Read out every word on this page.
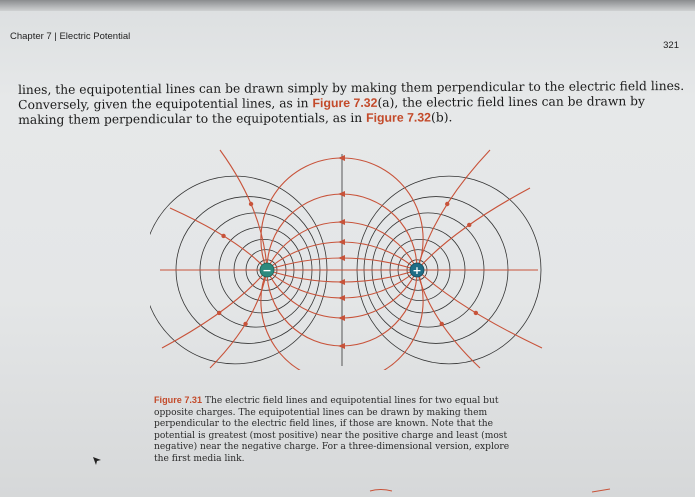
Chapter 7 | Electric Potential
321
lines, the equipotential lines can be drawn simply by making them perpendicular to the electric field lines. Conversely, given the equipotential lines, as in Figure 7.32(a), the electric field lines can be drawn by making them perpendicular to the equipotentials, as in Figure 7.32(b).
−	+
Figure 7.31 The electric field lines and equipotential lines for two equal but opposite charges. The equipotential lines can be drawn by making them perpendicular to the electric field lines, if those are known. Note that the potential is greatest (most positive) near the positive charge and least (most negative) near the negative charge. For a three-dimensional version, explore the first media link.
